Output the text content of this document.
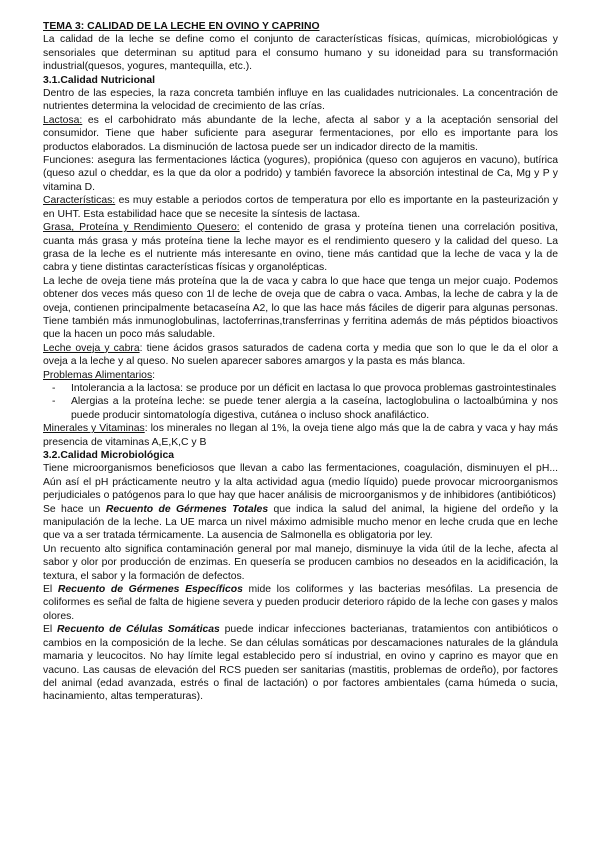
TEMA 3: CALIDAD DE LA LECHE EN OVINO Y CAPRINO

La calidad de la leche se define como el conjunto de características físicas, químicas, microbiológicas y sensoriales que determinan su aptitud para el consumo humano y su idoneidad para su transformación industrial(quesos, yogures, mantequilla, etc.).

3.1.Calidad Nutricional

Dentro de las especies, la raza concreta también influye en las cualidades nutricionales. La concentración de nutrientes determina la velocidad de crecimiento de las crías.

Lactosa: es el carbohidrato más abundante de la leche, afecta al sabor y a la aceptación sensorial del consumidor. Tiene que haber suficiente para asegurar fermentaciones, por ello es importante para los productos elaborados. La disminución de lactosa puede ser un indicador directo de la mamitis.

Funciones: asegura las fermentaciones láctica (yogures), propiónica (queso con agujeros en vacuno), butírica (queso azul o cheddar, es la que da olor a podrido) y también favorece la absorción intestinal de Ca, Mg y P y vitamina D.

Características: es muy estable a periodos cortos de temperatura por ello es importante en la pasteurización y en UHT. Esta estabilidad hace que se necesite la síntesis de lactasa.

Grasa, Proteína y Rendimiento Quesero: el contenido de grasa y proteína tienen una correlación positiva, cuanta más grasa y más proteína tiene la leche mayor es el rendimiento quesero y la calidad del queso. La grasa de la leche es el nutriente más interesante en ovino, tiene más cantidad que la leche de vaca y la de cabra y tiene distintas características físicas y organolépticas.

La leche de oveja tiene más proteína que la de vaca y cabra lo que hace que tenga un mejor cuajo. Podemos obtener dos veces más queso con 1l de leche de oveja que de cabra o vaca. Ambas, la leche de cabra y la de oveja, contienen principalmente betacaseína A2, lo que las hace más fáciles de digerir para algunas personas. Tiene también más inmunoglobulinas, lactoferrinas,transferrinas y ferritina además de más péptidos bioactivos que la hacen un poco más saludable.

Leche oveja y cabra: tiene ácidos grasos saturados de cadena corta y media que son lo que le da el olor a oveja a la leche y al queso. No suelen aparecer sabores amargos y la pasta es más blanca.

Problemas Alimentarios:

- Intolerancia a la lactosa: se produce por un déficit en lactasa lo que provoca problemas gastrointestinales
- Alergias a la proteína leche: se puede tener alergia a la caseína, lactoglobulina o lactoalbúmina y nos puede producir sintomatología digestiva, cutánea o incluso shock anafiláctico.

Minerales y Vitaminas: los minerales no llegan al 1%, la oveja tiene algo más que la de cabra y vaca y hay más presencia de vitaminas A,E,K,C y B

3.2.Calidad Microbiológica

Tiene microorganismos beneficiosos que llevan a cabo las fermentaciones, coagulación, disminuyen el pH... Aún así el pH prácticamente neutro y la alta actividad agua (medio líquido) puede provocar microorganismos perjudiciales o patógenos para lo que hay que hacer análisis de microorganismos y de inhibidores (antibióticos)

Se hace un Recuento de Gérmenes Totales que indica la salud del animal, la higiene del ordeño y la manipulación de la leche. La UE marca un nivel máximo admisible mucho menor en leche cruda que en leche que va a ser tratada térmicamente. La ausencia de Salmonella es obligatoria por ley.

Un recuento alto significa contaminación general por mal manejo, disminuye la vida útil de la leche, afecta al sabor y olor por producción de enzimas. En quesería se producen cambios no deseados en la acidificación, la textura, el sabor y la formación de defectos.

El Recuento de Gérmenes Específicos mide los coliformes y las bacterias mesófilas. La presencia de coliformes es señal de falta de higiene severa y pueden producir deterioro rápido de la leche con gases y malos olores.

El Recuento de Células Somáticas puede indicar infecciones bacterianas, tratamientos con antibióticos o cambios en la composición de la leche. Se dan células somáticas por descamaciones naturales de la glándula mamaria y leucocitos. No hay límite legal establecido pero sí industrial, en ovino y caprino es mayor que en vacuno. Las causas de elevación del RCS pueden ser sanitarias (mastitis, problemas de ordeño), por factores del animal (edad avanzada, estrés o final de lactación) o por factores ambientales (cama húmeda o sucia, hacinamiento, altas temperaturas).
